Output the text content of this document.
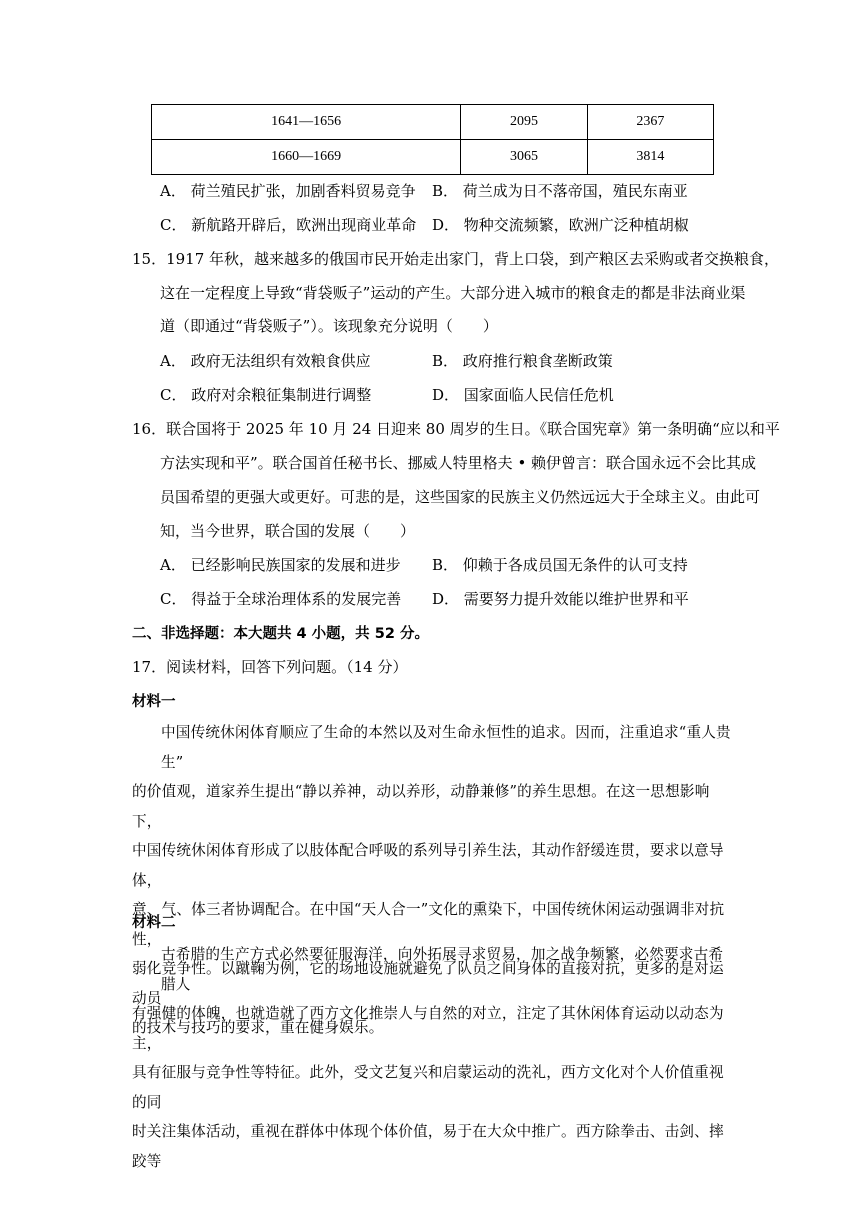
1641—1656	2095	2367
1660—1669	3065	3814
A． 荷兰殖民扩张，加剧香料贸易竞争 B． 荷兰成为日不落帝国，殖民东南亚
C． 新航路开辟后，欧洲出现商业革命 D． 物种交流频繁，欧洲广泛种植胡椒
15．1917 年秋，越来越多的俄国市民开始走出家门，背上口袋，到产粮区去采购或者交换粮食，
这在一定程度上导致“背袋贩子”运动的产生。大部分进入城市的粮食走的都是非法商业渠
道（即通过“背袋贩子”）。该现象充分说明（　　）
A． 政府无法组织有效粮食供应	B． 政府推行粮食垄断政策
C． 政府对余粮征集制进行调整	D． 国家面临人民信任危机
16．联合国将于 2025 年 10 月 24 日迎来 80 周岁的生日。《联合国宪章》第一条明确“应以和平
方法实现和平”。联合国首任秘书长、挪威人特里格夫 • 赖伊曾言：联合国永远不会比其成
员国希望的更强大或更好。可悲的是，这些国家的民族主义仍然远远大于全球主义。由此可
知，当今世界，联合国的发展（　　）
A． 已经影响民族国家的发展和进步 B． 仰赖于各成员国无条件的认可支持
C． 得益于全球治理体系的发展完善 D． 需要努力提升效能以维护世界和平
二、非选择题：本大题共 4 小题，共 52 分。
17．阅读材料，回答下列问题。（14 分）
材料一
中国传统休闲体育顺应了生命的本然以及对生命永恒性的追求。因而，注重追求“重人贵生”
的价值观，道家养生提出“静以养神，动以养形，动静兼修”的养生思想。在这一思想影响下，
中国传统休闲体育形成了以肢体配合呼吸的系列导引养生法，其动作舒缓连贯，要求以意导体，
意、气、体三者协调配合。在中国“天人合一”文化的熏染下，中国传统休闲运动强调非对抗性，
弱化竞争性。以蹴鞠为例，它的场地设施就避免了队员之间身体的直接对抗，更多的是对运动员
的技术与技巧的要求，重在健身娱乐。
材料二
古希腊的生产方式必然要征服海洋，向外拓展寻求贸易，加之战争频繁，必然要求古希腊人
有强健的体魄，也就造就了西方文化推崇人与自然的对立，注定了其休闲体育运动以动态为主，
具有征服与竞争性等特征。此外，受文艺复兴和启蒙运动的洗礼，西方文化对个人价值重视的同
时关注集体活动，重视在群体中体现个体价值，易于在大众中推广。西方除拳击、击剑、摔跤等
